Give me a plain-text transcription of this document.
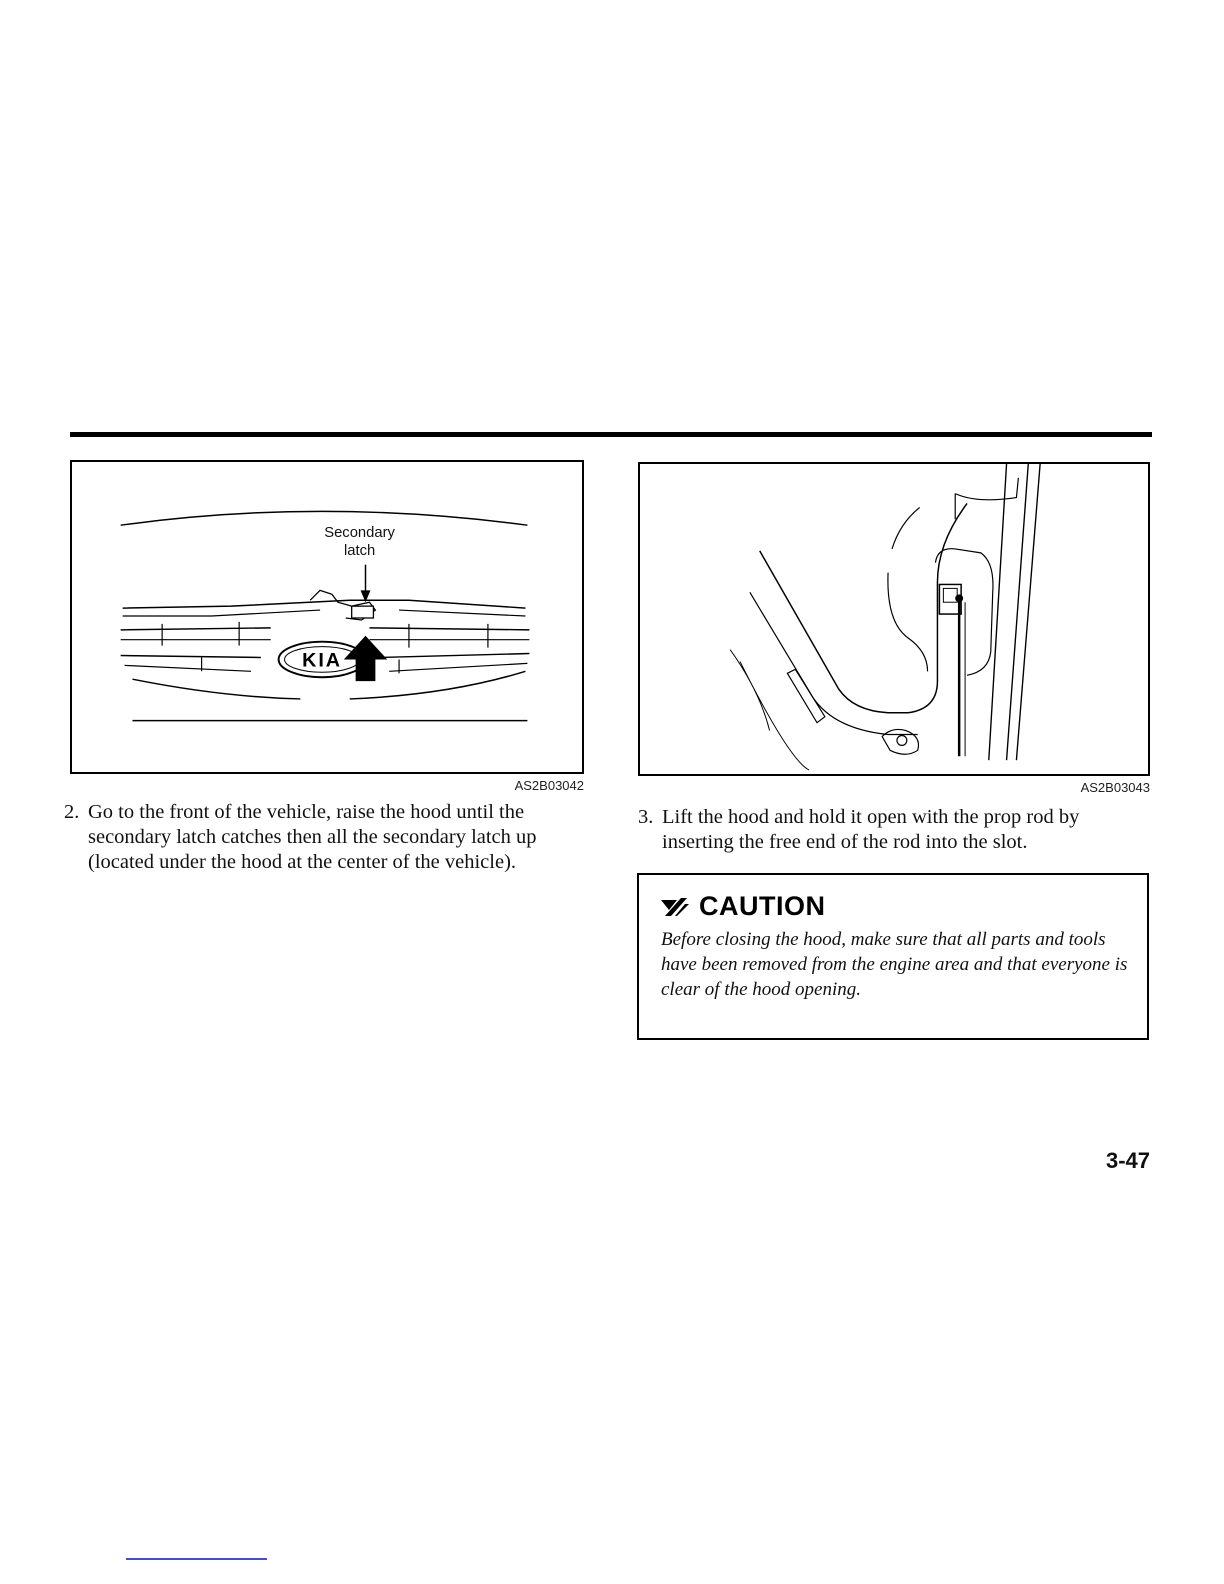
Secondary
latch
KIA
AS2B03042	AS2B03043
2. Go to the front of the vehicle, raise the hood until the secondary latch catches then all the secondary latch up (located under the hood at the center of the vehicle).
3. Lift the hood and hold it open with the prop rod by inserting the free end of the rod into the slot.
CAUTION
Before closing the hood, make sure that all parts and tools have been removed from the engine area and that everyone is clear of the hood opening.
3-47
